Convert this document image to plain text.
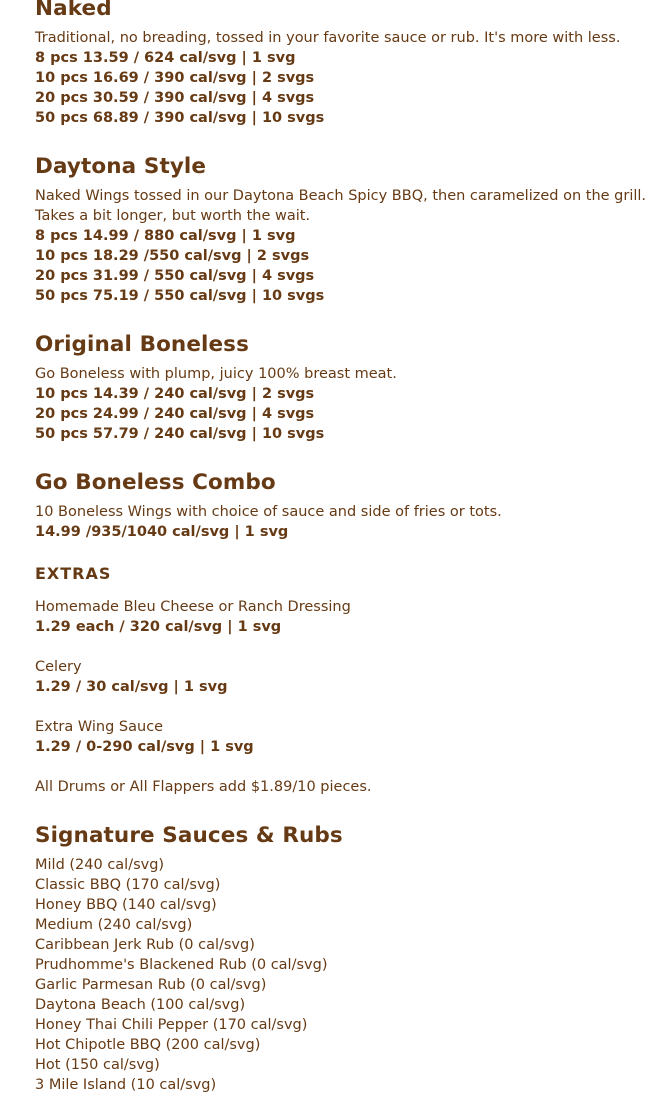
Naked
Traditional, no breading, tossed in your favorite sauce or rub. It's more with less.
8 pcs 13.59 / 624 cal/svg | 1 svg
10 pcs 16.69 / 390 cal/svg | 2 svgs
20 pcs 30.59 / 390 cal/svg | 4 svgs
50 pcs 68.89 / 390 cal/svg | 10 svgs
Daytona Style
Naked Wings tossed in our Daytona Beach Spicy BBQ, then caramelized on the grill. Takes a bit longer, but worth the wait.
8 pcs 14.99 / 880 cal/svg | 1 svg
10 pcs 18.29 /550 cal/svg | 2 svgs
20 pcs 31.99 / 550 cal/svg | 4 svgs
50 pcs 75.19 / 550 cal/svg | 10 svgs
Original Boneless
Go Boneless with plump, juicy 100% breast meat.
10 pcs 14.39 / 240 cal/svg | 2 svgs
20 pcs 24.99 / 240 cal/svg | 4 svgs
50 pcs 57.79 / 240 cal/svg | 10 svgs
Go Boneless Combo
10 Boneless Wings with choice of sauce and side of fries or tots.
14.99 /935/1040 cal/svg | 1 svg
EXTRAS
Homemade Bleu Cheese or Ranch Dressing
1.29 each / 320 cal/svg | 1 svg
Celery
1.29 / 30 cal/svg | 1 svg
Extra Wing Sauce
1.29 / 0-290 cal/svg | 1 svg
All Drums or All Flappers add $1.89/10 pieces.
Signature Sauces & Rubs
Mild (240 cal/svg)
Classic BBQ (170 cal/svg)
Honey BBQ (140 cal/svg)
Medium (240 cal/svg)
Caribbean Jerk Rub (0 cal/svg)
Prudhomme's Blackened Rub (0 cal/svg)
Garlic Parmesan Rub (0 cal/svg)
Daytona Beach (100 cal/svg)
Honey Thai Chili Pepper (170 cal/svg)
Hot Chipotle BBQ (200 cal/svg)
Hot (150 cal/svg)
3 Mile Island (10 cal/svg)
